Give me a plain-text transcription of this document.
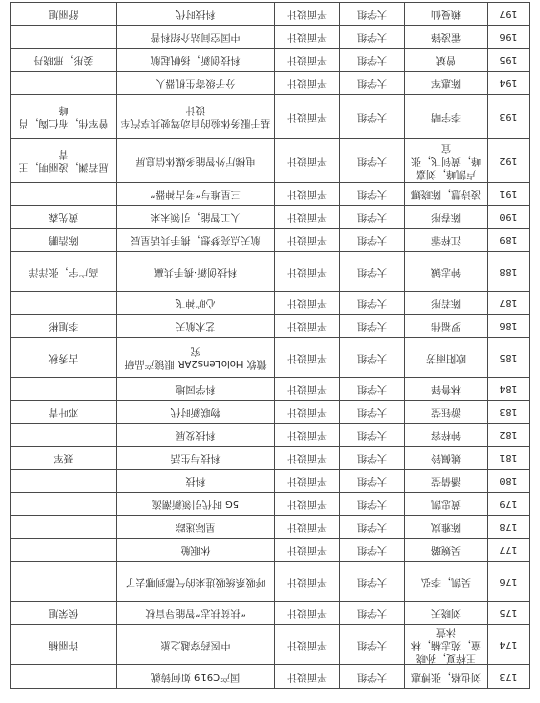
173	刘也格，张博惠	大学组	平面设计	国产C919 如何铸就	
174	王梓夏，孙晓童，苑志楠，林沐萱	大学组	平面设计	中医药穿越之旅	许丽楠
175	刘晓天	大学组	平面设计	“扶贫扶志”智能导盲杖	侯荣旭
176	吴凯，李弘	大学组	平面设计	呼吸系统吸进来的气都到哪去了	
177	吴婉璐	大学组	平面设计	休眠舱	
178	陈雅岚	大学组	平面设计	星际迷踪	
179	黄忠凯	大学组	平面设计	5G 时代引领新潮流	
180	潘倩莹	大学组	平面设计	科技	
181	姚佩铃	大学组	平面设计	科技与生活	聂军
182	钟梓容	大学组	平面设计	科技发展	
183	游钰莹	大学组	平面设计	物联新时代	邓叶青
184	林鲁铎	大学组	平面设计	科学园地	
185	欧阳雨芳	大学组	平面设计	微软 HoloLens2AR 眼镜产品研究	古秀秋
186	罗福伟	大学组	平面设计	艺术航天	李旭彬
187	陈若彤	大学组	平面设计	心旷神飞	
188	钟志铖	大学组	平面设计	科技创新·携手共赢	高广宇，张洋洋
189	江梓霏	大学组	平面设计	航天点亮梦想，携手共话星辰	陈浩鹏
190	陈春彤	大学组	平面设计	人工智能，引领未来	黄先森
191	凌诗慧，陈晓娜	大学组	平面设计	三星堆与“考古神器”	
192	卢凯峰，刘嘉峰，黄钊飞，张宜	大学组	平面设计	电梯厅外智能多媒体信息屏	屈若渊，凌丽明，王青
193	李宇晴	大学组	平面设计	基于服务体验的自动驾驶共享汽车设计	曾军伟，布仁陶，肖峰
194	陈惠军	大学组	平面设计	分子级寄生机器人	
195	曾斌	大学组	平面设计	科技创新，扬帆起航	姜彤，邢晓丹
196	霍凌锋	大学组	平面设计	中国空间站介绍科普	
197	赖曼仙	大学组	平面设计	科技时代	舒丽旭
